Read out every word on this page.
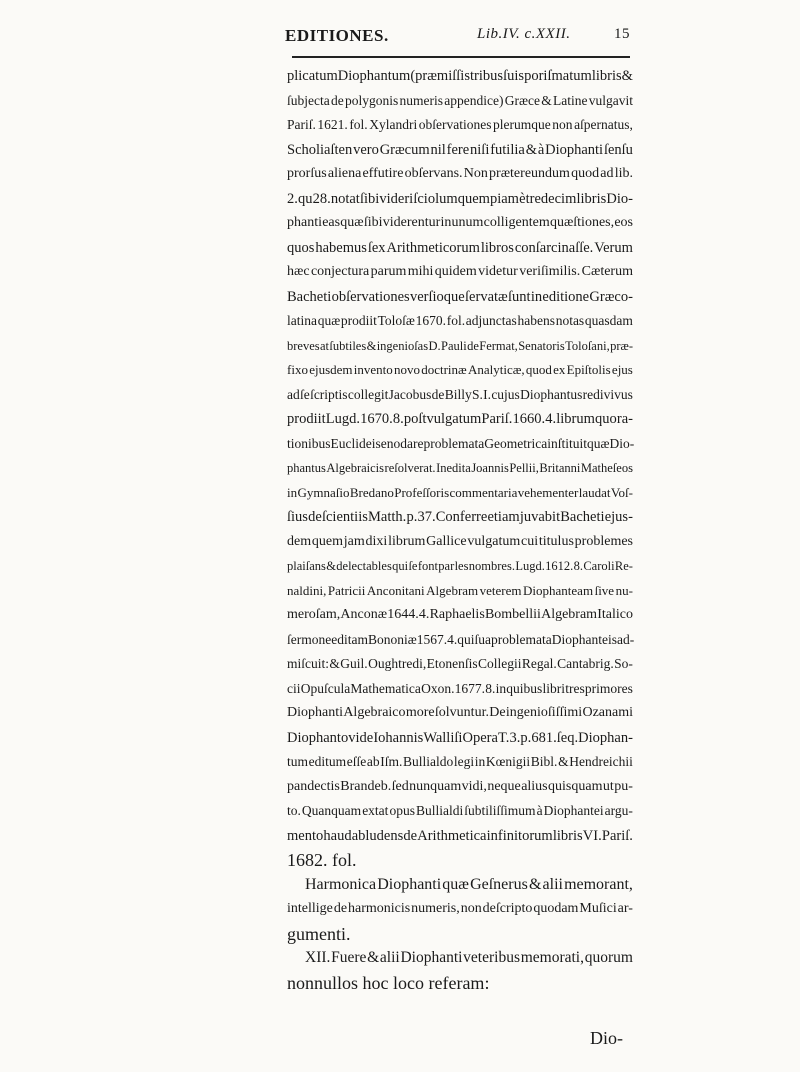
EDITIONES.	Lib.IV. c.XXII.	15
plicatum Diophantum (præmiſſis tribus ſuis poriſmatum libris &
ſubjecta de polygonis numeris appendice) Græce & Latine vulgavit
Pariſ. 1621. fol. Xylandri obſervationes plerumque non aſpernatus,
Scholiaſten vero Græcum nil fere niſi futilia & à Diophanti ſenſu
prorſus aliena effutire obſervans. Non prætereundum quod ad lib.
2. qu 28. notat ſibi videri ſciolum quempiam è tredecim libris Dio-
phanti eas quæ ſibi viderentur in unum colligentem quæſtiones, eos
quos habemus ſex Arithmeticorum libros conſarcinaſſe. Verum
hæc conjectura parum mihi quidem videtur veriſimilis. Cæterum
Bacheti obſervationes verſioque ſervatæ ſunt in editione Græco-
latina quæ prodiit Toloſæ 1670. fol. adjunctas habens notas quasdam
breves at ſubtiles & ingenioſas D. Pauli de Fermat, Senatoris Toloſani, præ-
fixo ejusdem invento novo doctrinæ Analyticæ, quod ex Epiſtolis ejus
ad ſe ſcriptis collegit Jacobus de Billy S. I. cujus Diophantus redivivus
prodiit Lugd. 1670. 8. poſt vulgatum Pariſ. 1660. 4. librum quo ra-
tionibus Euclideis enodare problemata Geometrica inſtituit quæ Dio-
phantus Algebraicis reſolverat. Inedita Joannis Pellii, Britanni Matheſeos
in Gymnaſio Bredano Profeſſoris commentaria vehementer laudat Voſ-
ſius de ſcientiis Matth. p. 37. Conferre etiam juvabit Bacheti ejus-
dem quem jam dixi librum Gallice vulgatum cui titulus problemes
plaiſans & delectables qui ſe font par les nombres. Lugd. 1612. 8. Caroli Re-
naldini, Patricii Anconitani Algebram veterem Diophanteam ſive nu-
meroſam, Anconæ 1644. 4. Raphaelis Bombellii Algebram Italico
ſermone editam Bononiæ 1567. 4. qui ſua problemata Diophanteis ad-
miſcuit: & Guil. Oughtredi, Etonenſis Collegii Regal. Cantabrig. So-
cii Opuſcula Mathematica Oxon. 1677. 8. in quibus libri tres primores
Diophanti Algebraico more ſolvuntur. De ingenioſiſſimi Ozanami
Diophanto vide Iohannis Walliſi Opera T. 3. p. 681. ſeq. Diophan-
tum editum eſſe ab Iſm. Bullialdo legi in Kœnigii Bibl. & Hendreichii
pandectis Brandeb. ſed nunquam vidi, neque alius quisquam ut pu-
to. Quanquam extat opus Bullialdi ſubtiliſſimum à Diophantei argu-
mento haud abludens de Arithmetica infinitorum libris VI. Pariſ.
1682. fol.
Harmonica Diophanti quæ Geſnerus & alii memorant,
intellige de harmonicis numeris, non deſcripto quodam Muſici ar-
gumenti.
XII. Fuere & alii Diophanti veteribus memorati, quorum
nonnullos hoc loco referam:
Dio-
